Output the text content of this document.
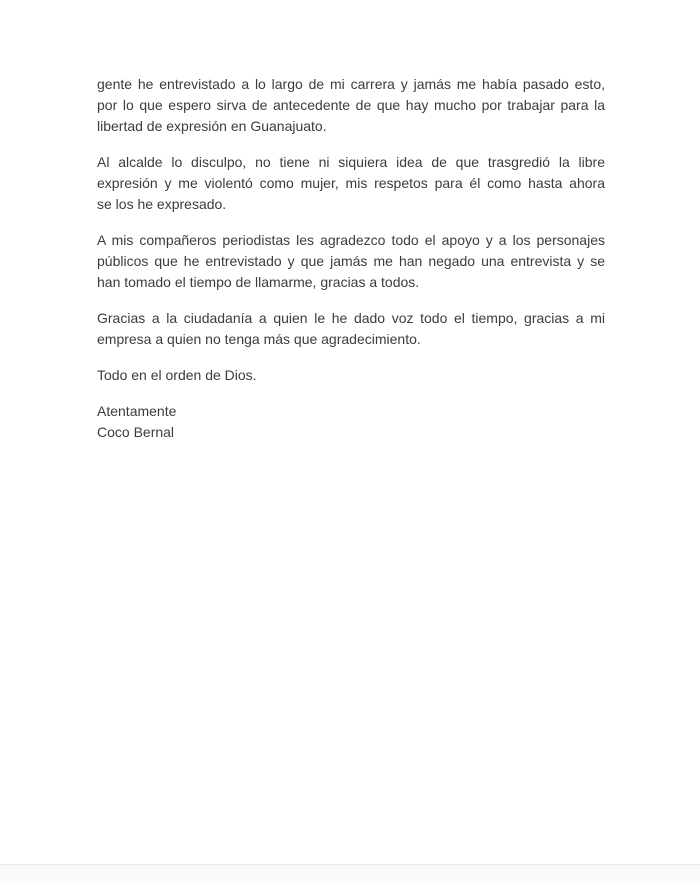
gente he entrevistado a lo largo de mi carrera y jamás me había pasado esto,
por lo que espero sirva de antecedente de que hay mucho por trabajar para la
libertad de expresión en Guanajuato.
Al alcalde lo disculpo, no tiene ni siquiera idea de que trasgredió la libre
expresión y me violentó como mujer, mis respetos para él como hasta ahora
se los he expresado.
A mis compañeros periodistas les agradezco todo el apoyo y a los personajes
públicos que he entrevistado y que jamás me han negado una entrevista y se
han tomado el tiempo de llamarme, gracias a todos.
Gracias a la ciudadanía a quien le he dado voz todo el tiempo, gracias a mi
empresa a quien no tenga más que agradecimiento.
Todo en el orden de Dios.
Atentamente
Coco Bernal
